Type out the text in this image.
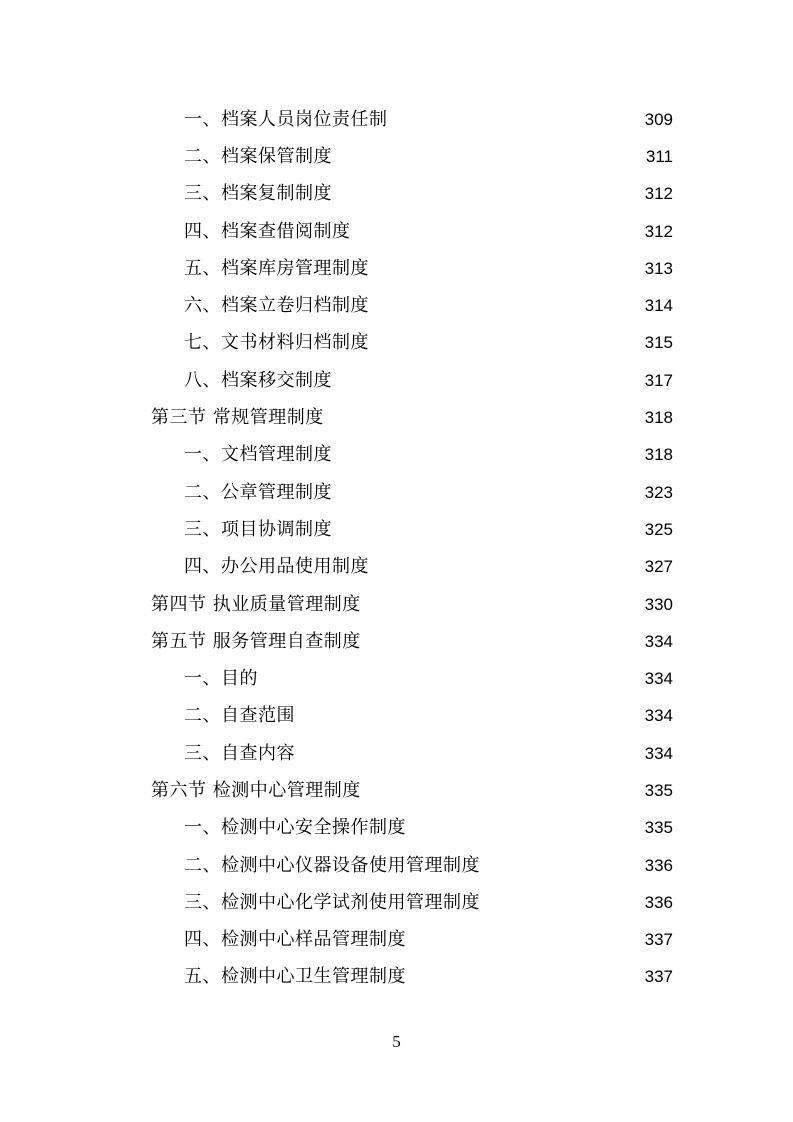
一、档案人员岗位责任制	309
二、档案保管制度	311
三、档案复制制度	312
四、档案查借阅制度	312
五、档案库房管理制度	313
六、档案立卷归档制度	314
七、文书材料归档制度	315
八、档案移交制度	317
第三节 常规管理制度	318
一、文档管理制度	318
二、公章管理制度	323
三、项目协调制度	325
四、办公用品使用制度	327
第四节 执业质量管理制度	330
第五节 服务管理自查制度	334
一、目的	334
二、自查范围	334
三、自查内容	334
第六节 检测中心管理制度	335
一、检测中心安全操作制度	335
二、检测中心仪器设备使用管理制度	336
三、检测中心化学试剂使用管理制度	336
四、检测中心样品管理制度	337
五、检测中心卫生管理制度	337
5
